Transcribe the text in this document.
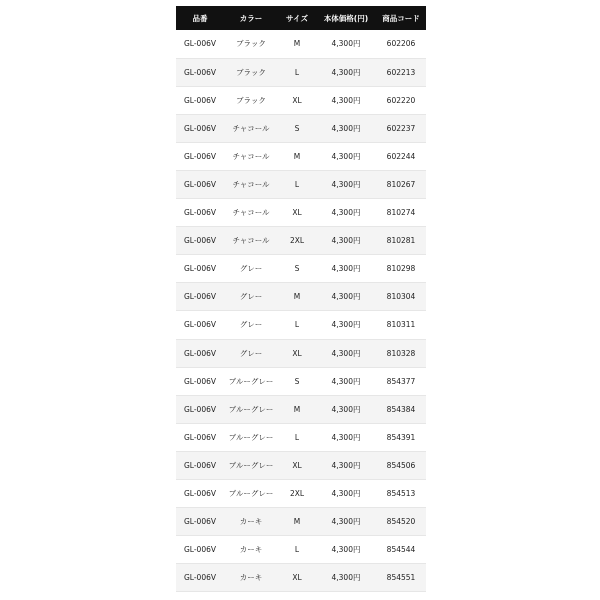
品番	カラー	サイズ	本体価格(円)	商品コード
GL-006V	ブラック	M	4,300円	602206
GL-006V	ブラック	L	4,300円	602213
GL-006V	ブラック	XL	4,300円	602220
GL-006V	チャコール	S	4,300円	602237
GL-006V	チャコール	M	4,300円	602244
GL-006V	チャコール	L	4,300円	810267
GL-006V	チャコール	XL	4,300円	810274
GL-006V	チャコール	2XL	4,300円	810281
GL-006V	グレー	S	4,300円	810298
GL-006V	グレー	M	4,300円	810304
GL-006V	グレー	L	4,300円	810311
GL-006V	グレー	XL	4,300円	810328
GL-006V	ブルーグレー	S	4,300円	854377
GL-006V	ブルーグレー	M	4,300円	854384
GL-006V	ブルーグレー	L	4,300円	854391
GL-006V	ブルーグレー	XL	4,300円	854506
GL-006V	ブルーグレー	2XL	4,300円	854513
GL-006V	カーキ	M	4,300円	854520
GL-006V	カーキ	L	4,300円	854544
GL-006V	カーキ	XL	4,300円	854551
